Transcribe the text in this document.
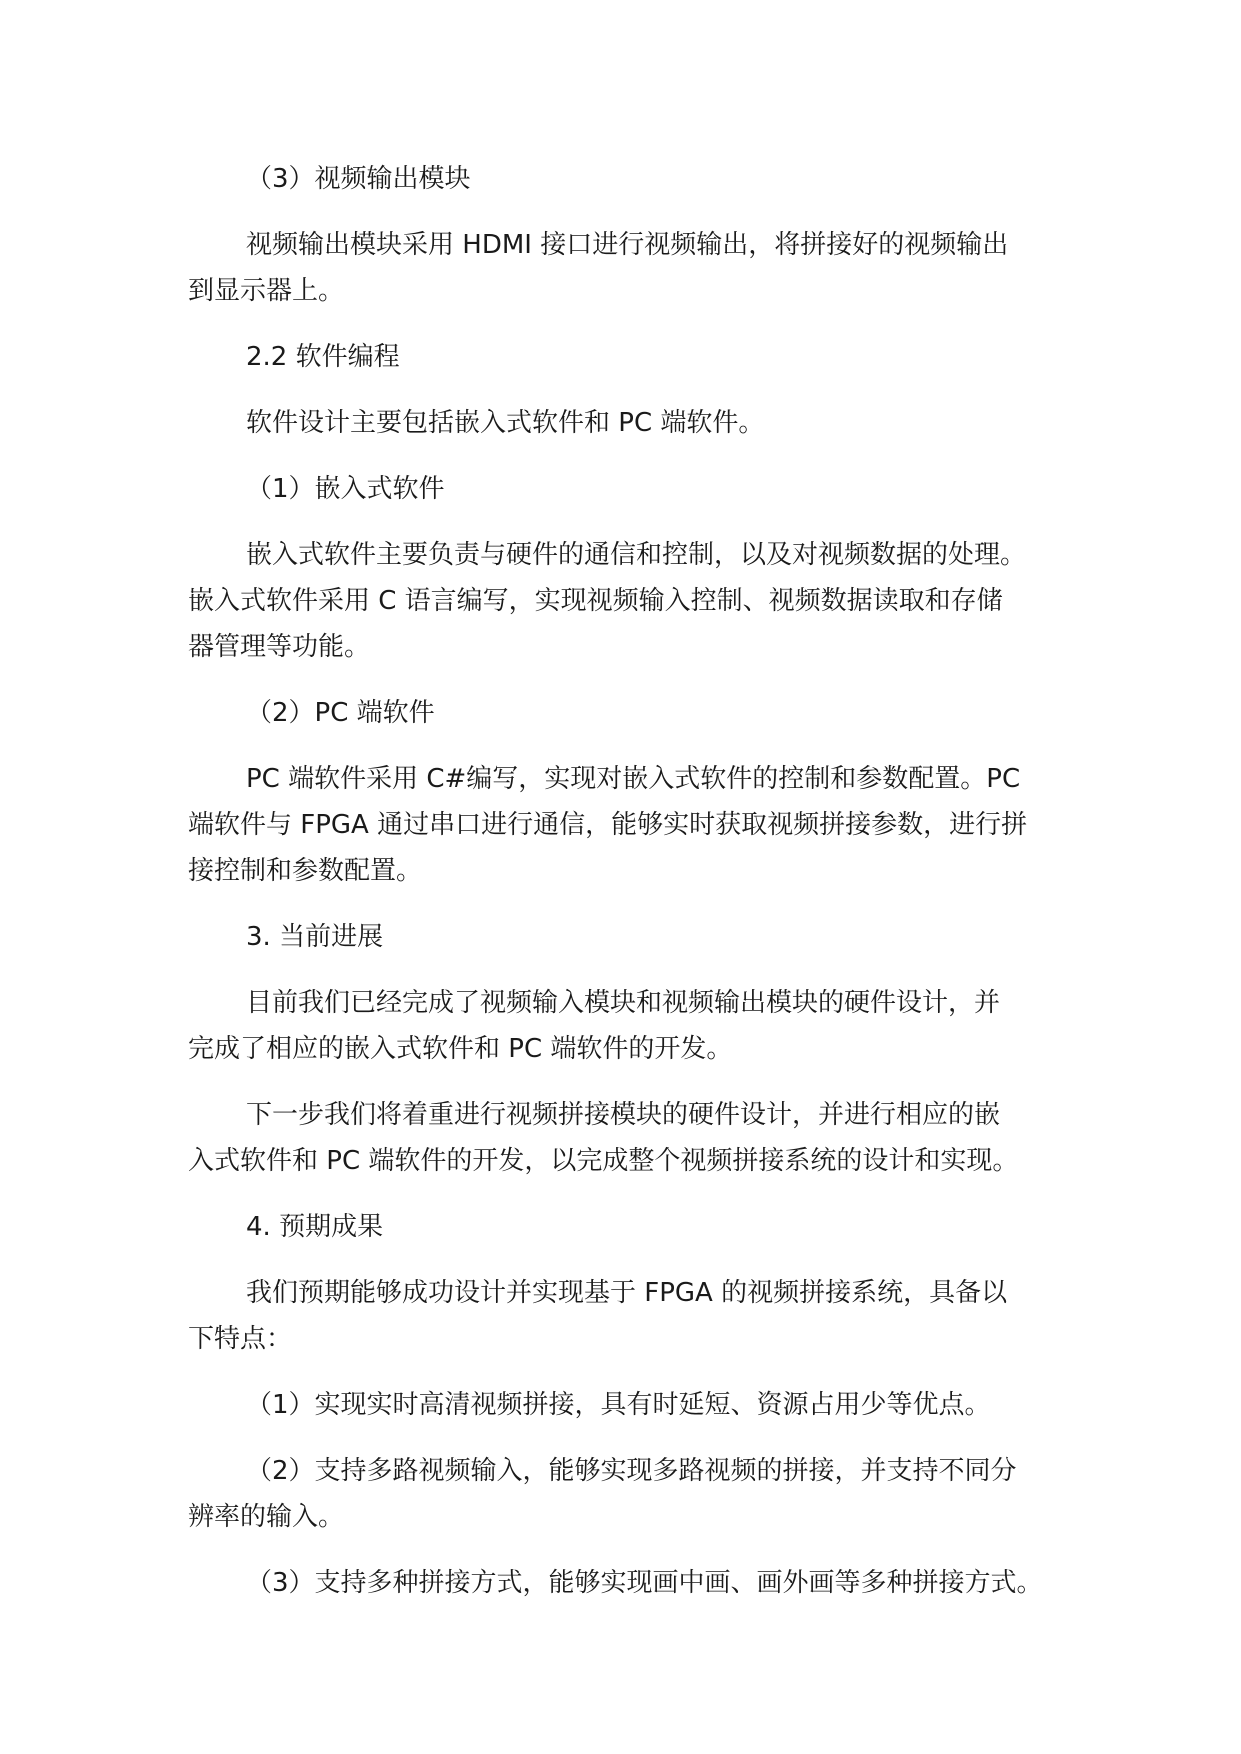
（3）视频输出模块

视频输出模块采用 HDMI 接口进行视频输出，将拼接好的视频输出

到显示器上。

2.2 软件编程

软件设计主要包括嵌入式软件和 PC 端软件。

（1）嵌入式软件

嵌入式软件主要负责与硬件的通信和控制，以及对视频数据的处理。

嵌入式软件采用 C 语言编写，实现视频输入控制、视频数据读取和存储

器管理等功能。

（2）PC 端软件

PC 端软件采用 C#编写，实现对嵌入式软件的控制和参数配置。PC

端软件与 FPGA 通过串口进行通信，能够实时获取视频拼接参数，进行拼

接控制和参数配置。

3. 当前进展

目前我们已经完成了视频输入模块和视频输出模块的硬件设计，并

完成了相应的嵌入式软件和 PC 端软件的开发。

下一步我们将着重进行视频拼接模块的硬件设计，并进行相应的嵌

入式软件和 PC 端软件的开发，以完成整个视频拼接系统的设计和实现。

4. 预期成果

我们预期能够成功设计并实现基于 FPGA 的视频拼接系统，具备以

下特点：

（1）实现实时高清视频拼接，具有时延短、资源占用少等优点。

（2）支持多路视频输入，能够实现多路视频的拼接，并支持不同分

辨率的输入。

（3）支持多种拼接方式，能够实现画中画、画外画等多种拼接方式。
